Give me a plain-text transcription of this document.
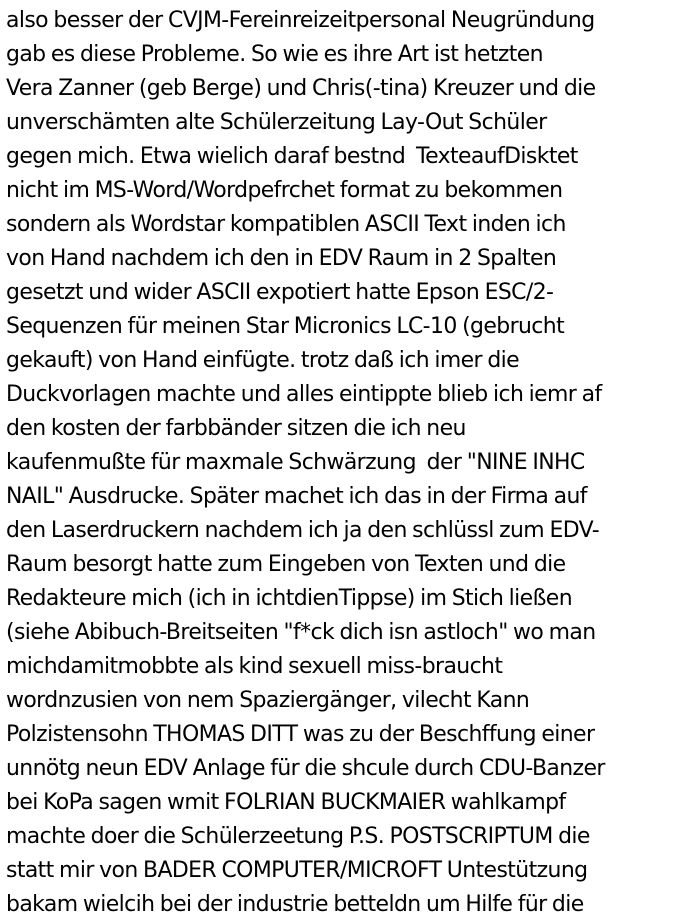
also besser der CVJM-Fereinreizeitpersonal Neugründung
gab es diese Probleme. So wie es ihre Art ist hetzten
Vera Zanner (geb Berge) und Chris(-tina) Kreuzer und die
unverschämten alte Schülerzeitung Lay-Out Schüler
gegen mich. Etwa wielich daraf bestnd  TexteaufDisktet
nicht im MS-Word/Wordpefrchet format zu bekommen
sondern als Wordstar kompatiblen ASCII Text inden ich
von Hand nachdem ich den in EDV Raum in 2 Spalten
gesetzt und wider ASCII expotiert hatte Epson ESC/2-
Sequenzen für meinen Star Micronics LC-10 (gebrucht
gekauft) von Hand einfügte. trotz daß ich imer die
Duckvorlagen machte und alles eintippte blieb ich iemr af
den kosten der farbbänder sitzen die ich neu
kaufenmußte für maxmale Schwärzung  der "NINE INHC
NAIL" Ausdrucke. Später machet ich das in der Firma auf
den Laserdruckern nachdem ich ja den schlüssl zum EDV-
Raum besorgt hatte zum Eingeben von Texten und die
Redakteure mich (ich in ichtdienTippse) im Stich ließen
(siehe Abibuch-Breitseiten "f*ck dich isn astloch" wo man
michdamitmobbte als kind sexuell miss-braucht
wordnzusien von nem Spaziergänger, vilecht Kann
Polzistensohn THOMAS DITT was zu der Beschffung einer
unnötg neun EDV Anlage für die shcule durch CDU-Banzer
bei KoPa sagen wmit FOLRIAN BUCKMAIER wahlkampf
machte doer die Schülerzeetung P.S. POSTSCRIPTUM die
statt mir von BADER COMPUTER/MICROFT Untestützung
bakam wielcih bei der industrie betteldn um Hilfe für die
